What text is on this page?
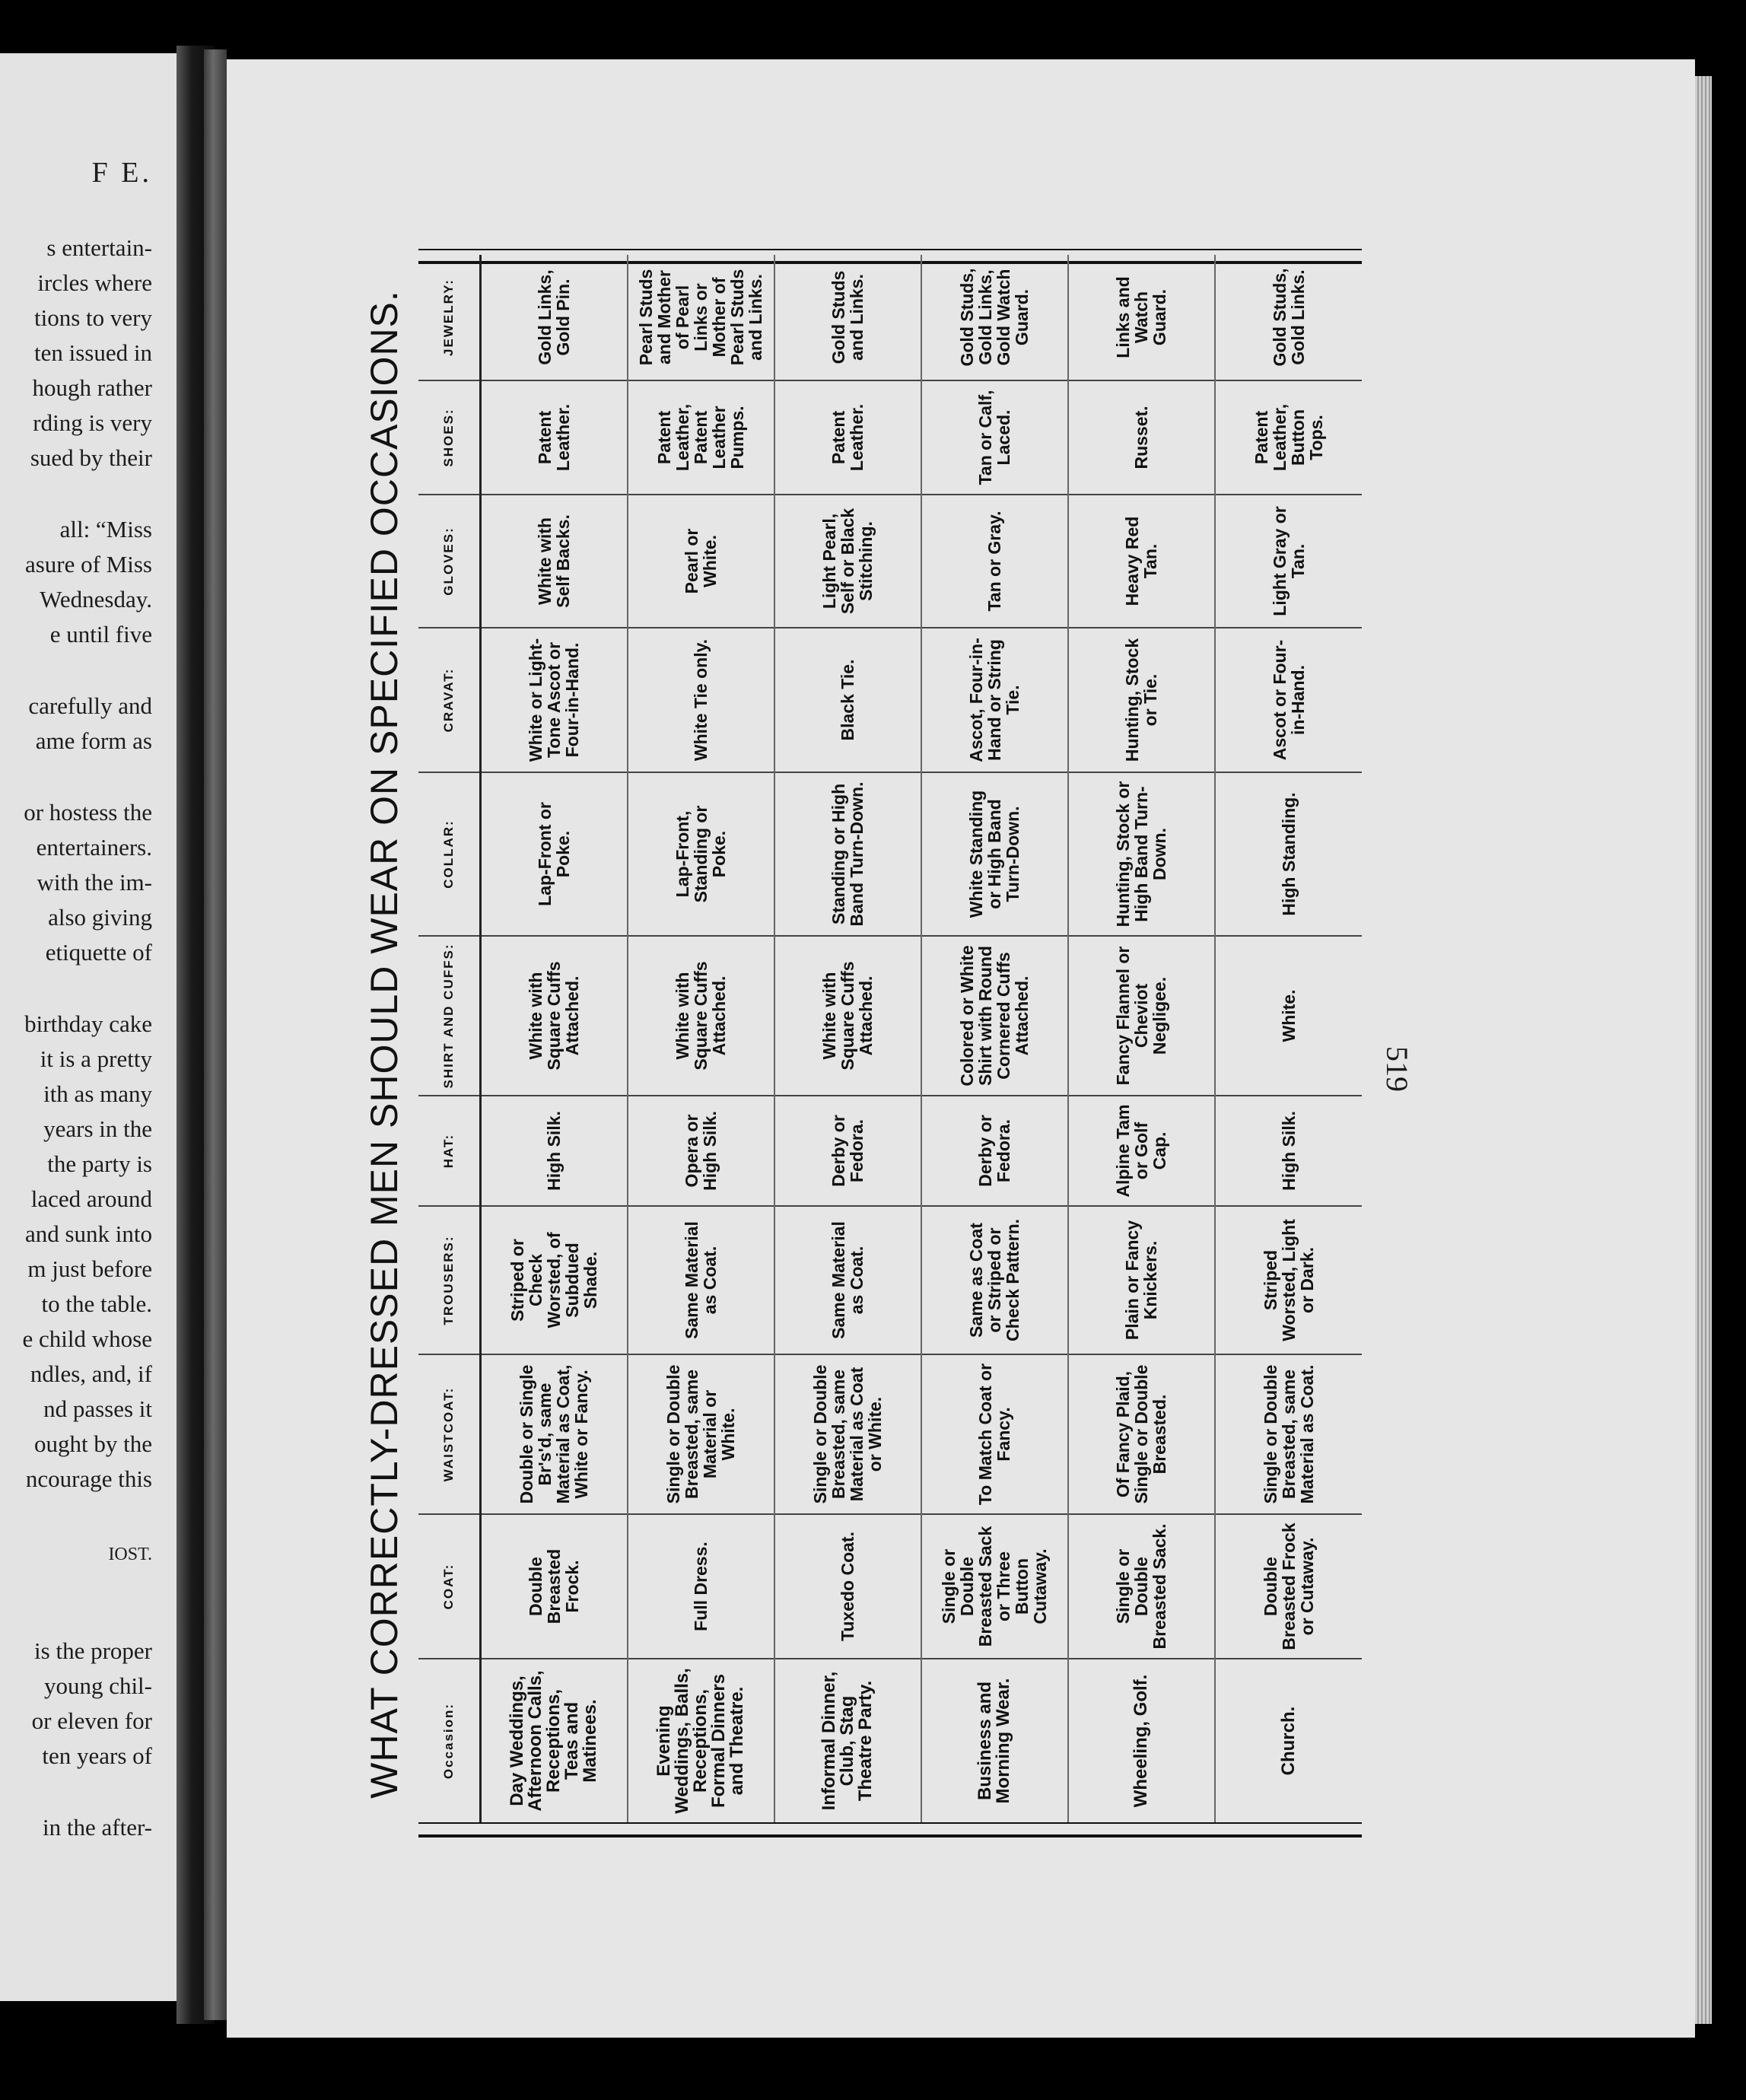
F E.
s entertain-
ircles where
tions to very
ten issued in
hough rather
rding is very
sued by their
all: “Miss
asure of Miss
Wednesday.
e until five
carefully and
ame form as
or hostess the
entertainers.
with the im-
also giving
etiquette of
birthday cake
it is a pretty
ith as many
years in the
the party is
laced around
and sunk into
m just before
to the table.
e child whose
ndles, and, if
nd passes it
ought by the
ncourage this
IOST.
is the proper
young chil-
or eleven for
ten years of
in the after-
WHAT CORRECTLY-DRESSED MEN SHOULD WEAR ON SPECIFIED OCCASIONS.	Occasion:	COAT:	WAISTCOAT:	TROUSERS:	HAT:	SHIRT AND CUFFS:	COLLAR:	CRAVAT:	GLOVES:	SHOES:	JEWELRY:
Day Weddings, Afternoon Calls, Receptions, Teas and Matinees.	Double Breasted Frock.	Double or Single Br's'd, same Material as Coat, White or Fancy.	Striped or Check Worsted, of Subdued Shade.	High Silk.	White with Square Cuffs Attached.	Lap-Front or Poke.	White or Light-Tone Ascot or Four-in-Hand.	White with Self Backs.	Patent Leather.	Gold Links, Gold Pin.
Evening Weddings, Balls, Receptions, Formal Dinners and Theatre.	Full Dress.	Single or Double Breasted, same Material or White.	Same Material as Coat.	Opera or High Silk.	White with Square Cuffs Attached.	Lap-Front, Standing or Poke.	White Tie only.	Pearl or White.	Patent Leather, Patent Leather Pumps.	Pearl Studs and Mother of Pearl Links or Mother of Pearl Studs and Links.
Informal Dinner, Club, Stag Theatre Party.	Tuxedo Coat.	Single or Double Breasted, same Material as Coat or White.	Same Material as Coat.	Derby or Fedora.	White with Square Cuffs Attached.	Standing or High Band Turn-Down.	Black Tie.	Light Pearl, Self or Black Stitching.	Patent Leather.	Gold Studs and Links.
Business and Morning Wear.	Single or Double Breasted Sack or Three Button Cutaway.	To Match Coat or Fancy.	Same as Coat or Striped or Check Pattern.	Derby or Fedora.	Colored or White Shirt with Round Cornered Cuffs Attached.	White Standing or High Band Turn-Down.	Ascot, Four-in-Hand or String Tie.	Tan or Gray.	Tan or Calf, Laced.	Gold Studs, Gold Links, Gold Watch Guard.
Wheeling, Golf.	Single or Double Breasted Sack.	Of Fancy Plaid, Single or Double Breasted.	Plain or Fancy Knickers.	Alpine Tam or Golf Cap.	Fancy Flannel or Cheviot Negligee.	Hunting, Stock or High Band Turn-Down.	Hunting, Stock or Tie.	Heavy Red Tan.	Russet.	Links and Watch Guard.
Church.	Double Breasted Frock or Cutaway.	Single or Double Breasted, same Material as Coat.	Striped Worsted, Light or Dark.	High Silk.	White.	High Standing.	Ascot or Four-in-Hand.	Light Gray or Tan.	Patent Leather, Button Tops.	Gold Studs, Gold Links.
519
